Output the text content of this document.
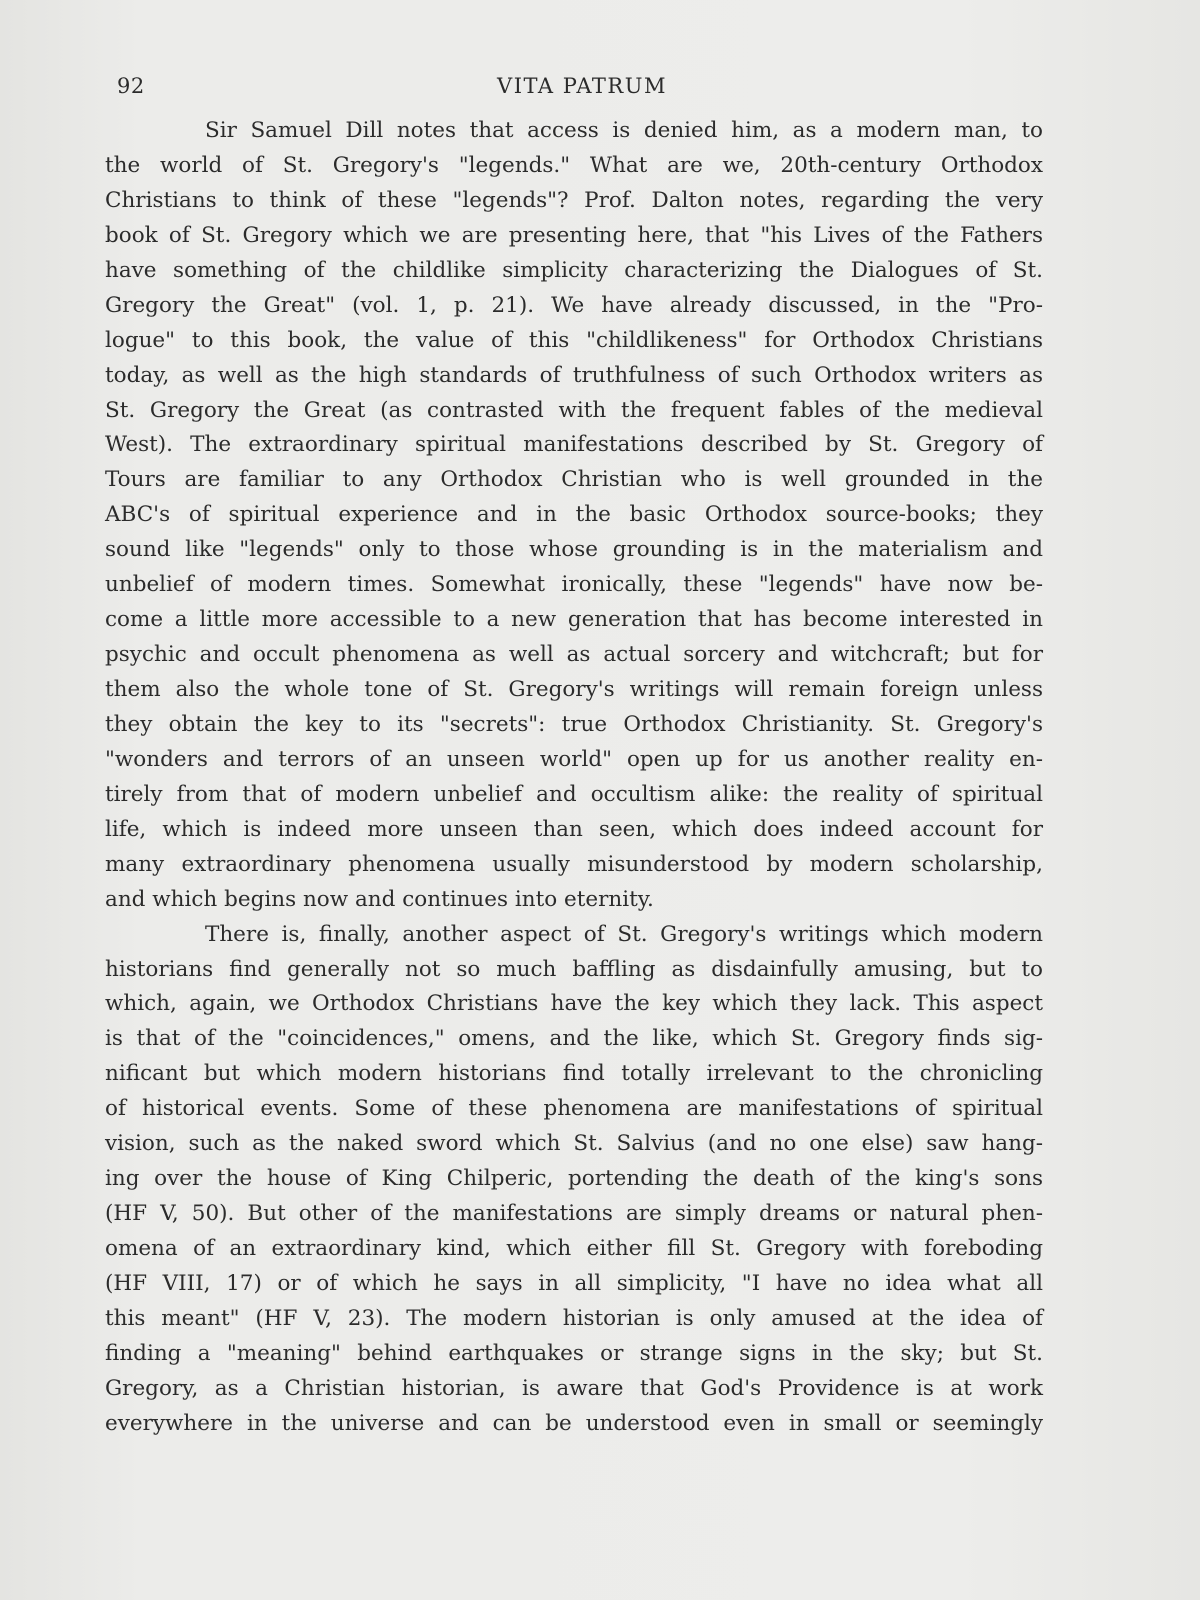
92	VITA PATRUM
Sir Samuel Dill notes that access is denied him, as a modern man, to
the world of St. Gregory's "legends." What are we, 20th-century Orthodox
Christians to think of these "legends"? Prof. Dalton notes, regarding the very
book of St. Gregory which we are presenting here, that "his Lives of the Fathers
have something of the childlike simplicity characterizing the Dialogues of St.
Gregory the Great" (vol. 1, p. 21). We have already discussed, in the "Pro-
logue" to this book, the value of this "childlikeness" for Orthodox Christians
today, as well as the high standards of truthfulness of such Orthodox writers as
St. Gregory the Great (as contrasted with the frequent fables of the medieval
West). The extraordinary spiritual manifestations described by St. Gregory of
Tours are familiar to any Orthodox Christian who is well grounded in the
ABC's of spiritual experience and in the basic Orthodox source-books; they
sound like "legends" only to those whose grounding is in the materialism and
unbelief of modern times. Somewhat ironically, these "legends" have now be-
come a little more accessible to a new generation that has become interested in
psychic and occult phenomena as well as actual sorcery and witchcraft; but for
them also the whole tone of St. Gregory's writings will remain foreign unless
they obtain the key to its "secrets": true Orthodox Christianity. St. Gregory's
"wonders and terrors of an unseen world" open up for us another reality en-
tirely from that of modern unbelief and occultism alike: the reality of spiritual
life, which is indeed more unseen than seen, which does indeed account for
many extraordinary phenomena usually misunderstood by modern scholarship,
and which begins now and continues into eternity.
There is, finally, another aspect of St. Gregory's writings which modern
historians find generally not so much baffling as disdainfully amusing, but to
which, again, we Orthodox Christians have the key which they lack. This aspect
is that of the "coincidences," omens, and the like, which St. Gregory finds sig-
nificant but which modern historians find totally irrelevant to the chronicling
of historical events. Some of these phenomena are manifestations of spiritual
vision, such as the naked sword which St. Salvius (and no one else) saw hang-
ing over the house of King Chilperic, portending the death of the king's sons
(HF V, 50). But other of the manifestations are simply dreams or natural phen-
omena of an extraordinary kind, which either fill St. Gregory with foreboding
(HF VIII, 17) or of which he says in all simplicity, "I have no idea what all
this meant" (HF V, 23). The modern historian is only amused at the idea of
finding a "meaning" behind earthquakes or strange signs in the sky; but St.
Gregory, as a Christian historian, is aware that God's Providence is at work
everywhere in the universe and can be understood even in small or seemingly
